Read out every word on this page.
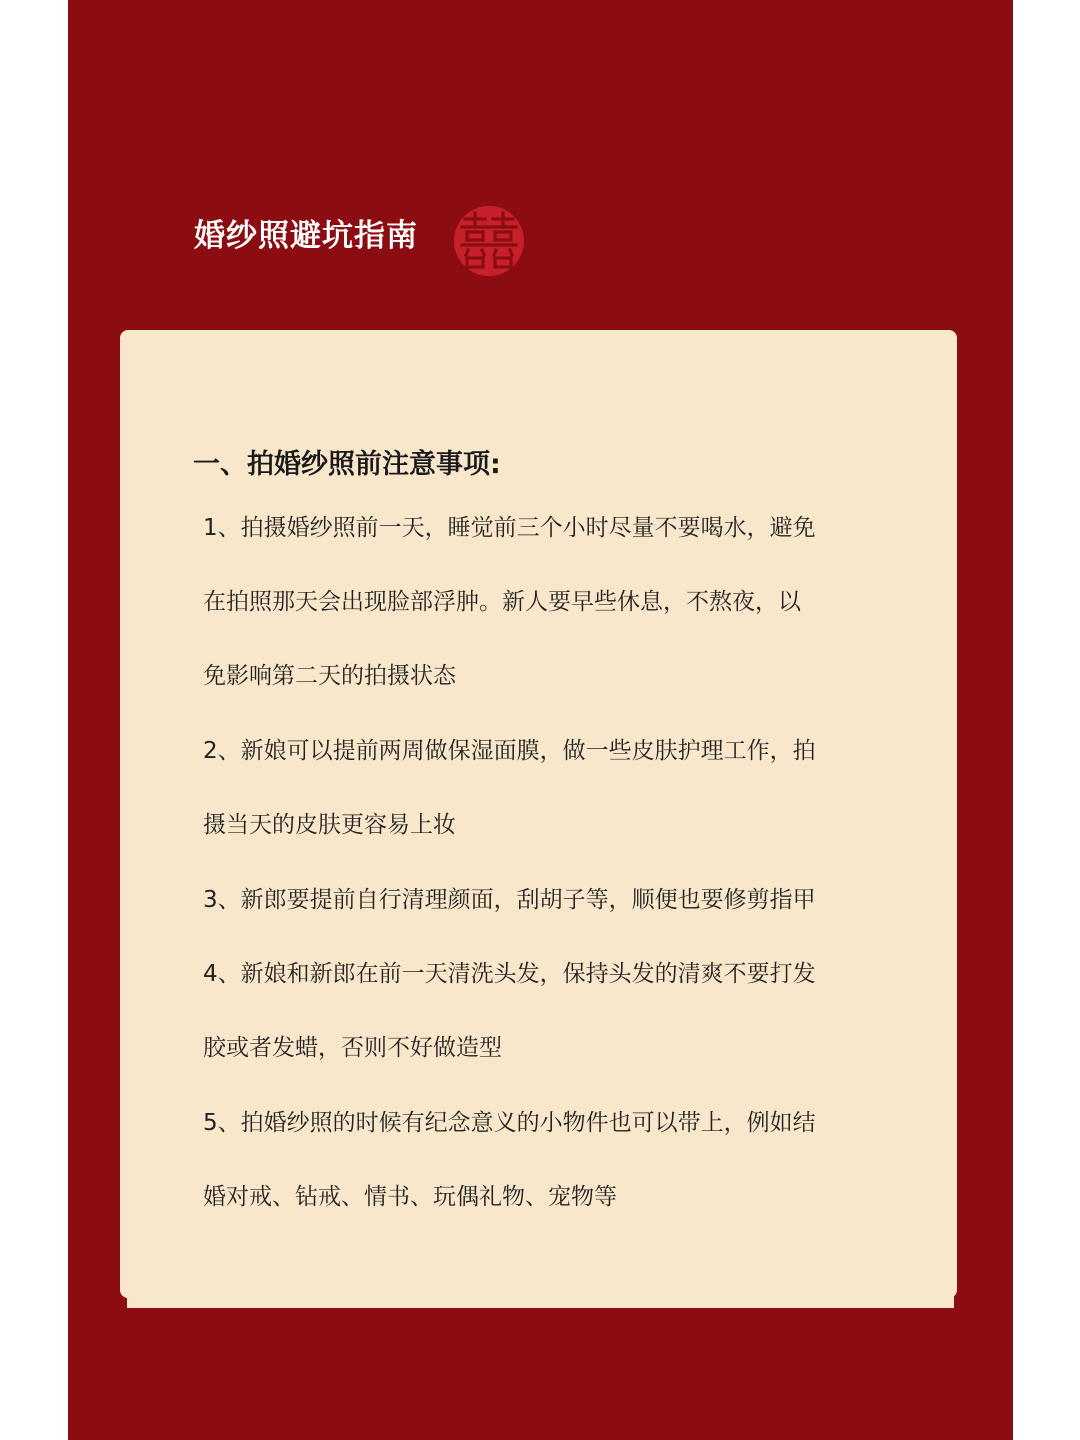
婚纱照避坑指南
一、拍婚纱照前注意事项:

1、拍摄婚纱照前一天，睡觉前三个小时尽量不要喝水，避免

在拍照那天会出现脸部浮肿。新人要早些休息，不熬夜，以

免影响第二天的拍摄状态

2、新娘可以提前两周做保湿面膜，做一些皮肤护理工作，拍

摄当天的皮肤更容易上妆

3、新郎要提前自行清理颜面，刮胡子等，顺便也要修剪指甲

4、新娘和新郎在前一天清洗头发，保持头发的清爽不要打发

胶或者发蜡，否则不好做造型

5、拍婚纱照的时候有纪念意义的小物件也可以带上，例如结

婚对戒、钻戒、情书、玩偶礼物、宠物等
